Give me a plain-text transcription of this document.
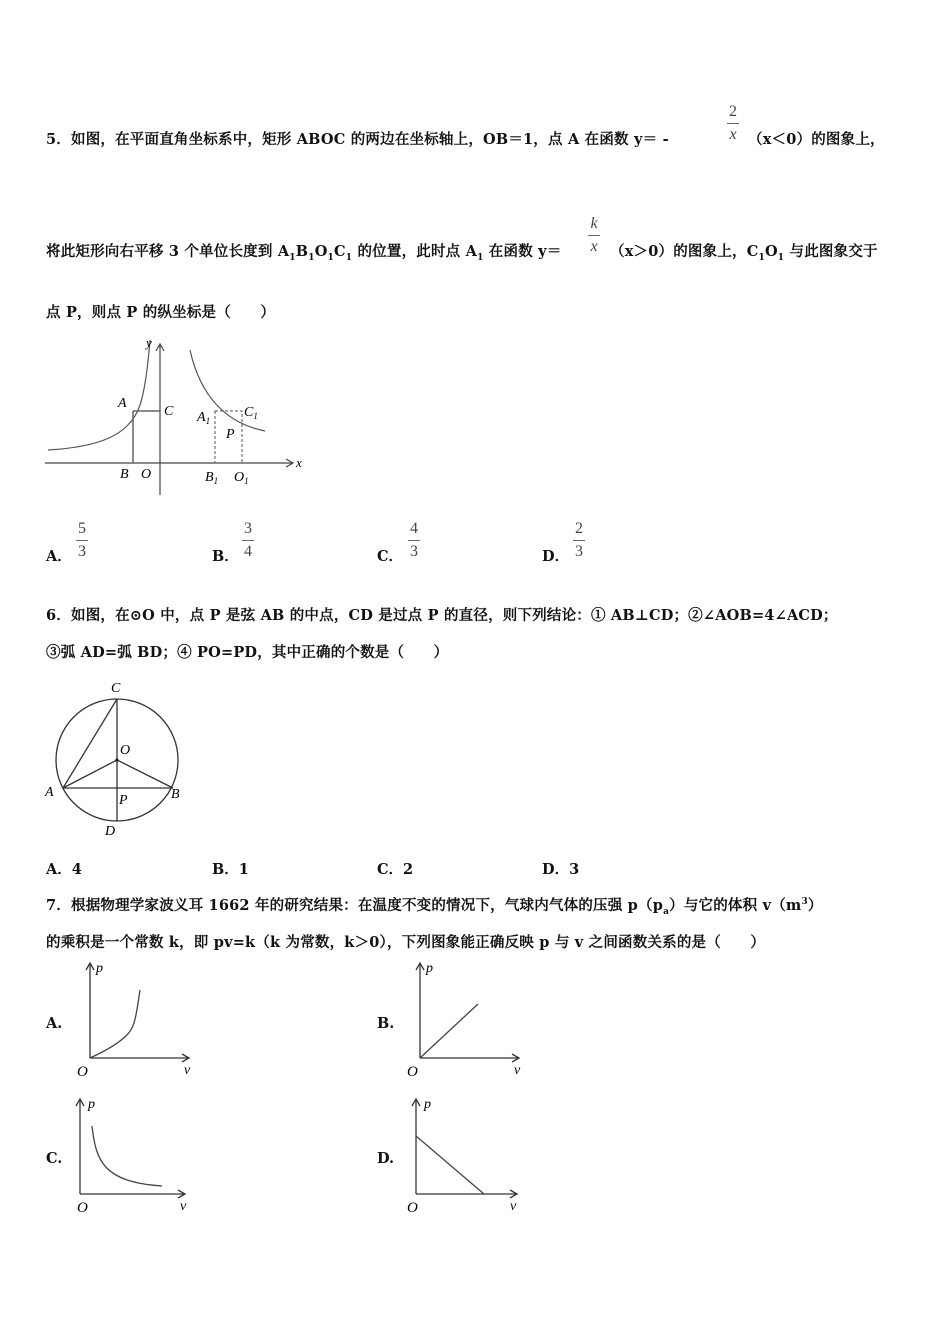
5．如图，在平面直角坐标系中，矩形 ABOC 的两边在坐标轴上，OB＝1，点 A 在函数 y＝ -
2
x （x＜0）的图象上，
将此矩形向右平移 3 个单位长度到 $A_1B_1O_1C_1$ 的位置，此时点 $A_1$ 在函数 y＝
k
x （x＞0）的图象上，$C_1O_1$ 与此图象交于
点 P，则点 P 的纵坐标是（　　）
y
x
A
C
B O
$A_1$
$C_1$
P
$B_1$ $O_1$
A．
5
3	B．
3
4	C．
4
3	D．
2
3
6．如图，在⊙O 中，点 P 是弦 AB 的中点，CD 是过点 P 的直径，则下列结论：① AB⊥CD；②∠AOB=4∠ACD；
③弧 AD=弧 BD；④ PO=PD，其中正确的个数是（　　）
C
O
A	B
P
D
A．4	B．1	C．2	D．3
7．根据物理学家波义耳 1662 年的研究结果：在温度不变的情况下，气球内气体的压强 $p(p_a)$与它的体积 $v(m^3)$
的乘积是一个常数 k，即 pv=k（k 为常数，k＞0），下列图象能正确反映 p 与 v 之间函数关系的是（　　）
A.
p
v
O
B.
p
v
O
C.
p
v
O
D.
p
v
O
